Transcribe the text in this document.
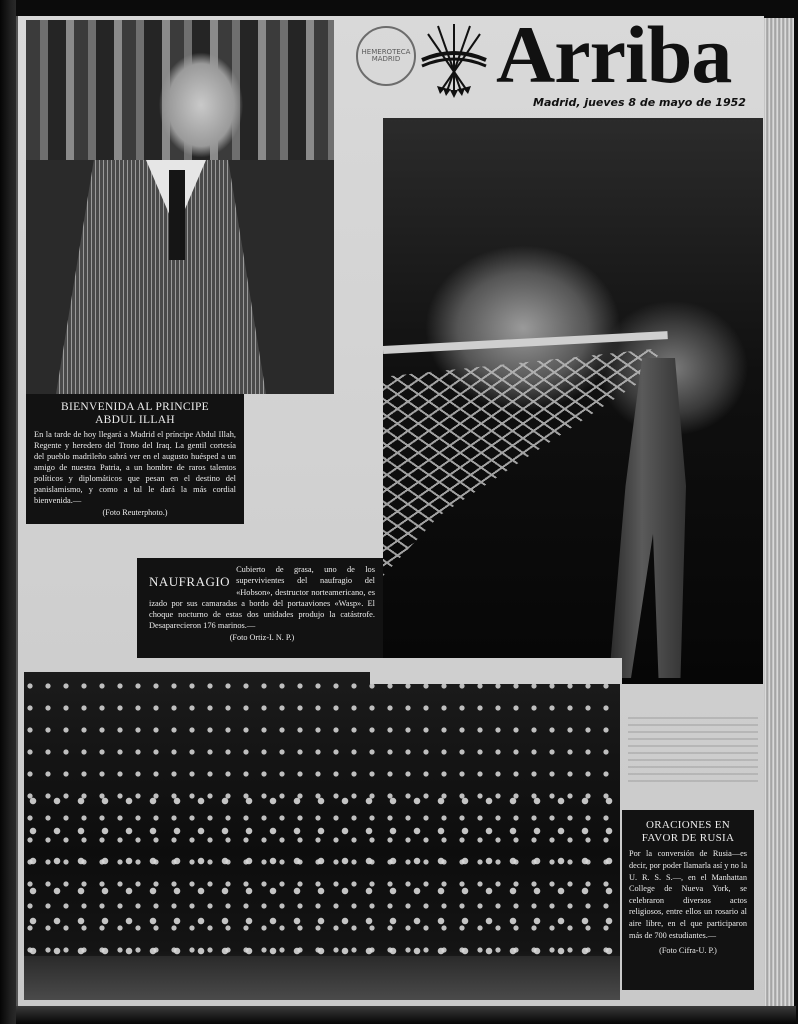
HEMEROTECA MADRID Arriba
Madrid, jueves 8 de mayo de 1952
BIENVENIDA AL PRINCIPE
ABDUL ILLAH

En la tarde de hoy llegará a Madrid el príncipe Abdul Illah, Regente y heredero del Trono del Iraq. La gentil cortesía del pueblo madrileño sabrá ver en el augusto huésped a un amigo de nuestra Patria, a un hombre de raros talentos políticos y diplomáticos que pesan en el destino del panislamismo, y como a tal le dará la más cordial bienvenida.—

(Foto Reuterphoto.)

NAUFRAGIO

Cubierto de grasa, uno de los supervivientes del naufragio del «Hobson», destructor norteamericano, es izado por sus camaradas a bordo del portaaviones «Wasp». El choque nocturno de estas dos unidades produjo la catástrofe. Desaparecieron 176 marinos.—

(Foto Ortiz-I. N. P.)

ORACIONES EN
FAVOR DE RUSIA

Por la conversión de Rusia—es decir, por poder llamarla así y no la U. R. S. S.—, en el Manhattan College de Nueva York, se celebraron diversos actos religiosos, entre ellos un rosario al aire libre, en el que participaron más de 700 estudiantes.—

(Foto Cifra-U. P.)
